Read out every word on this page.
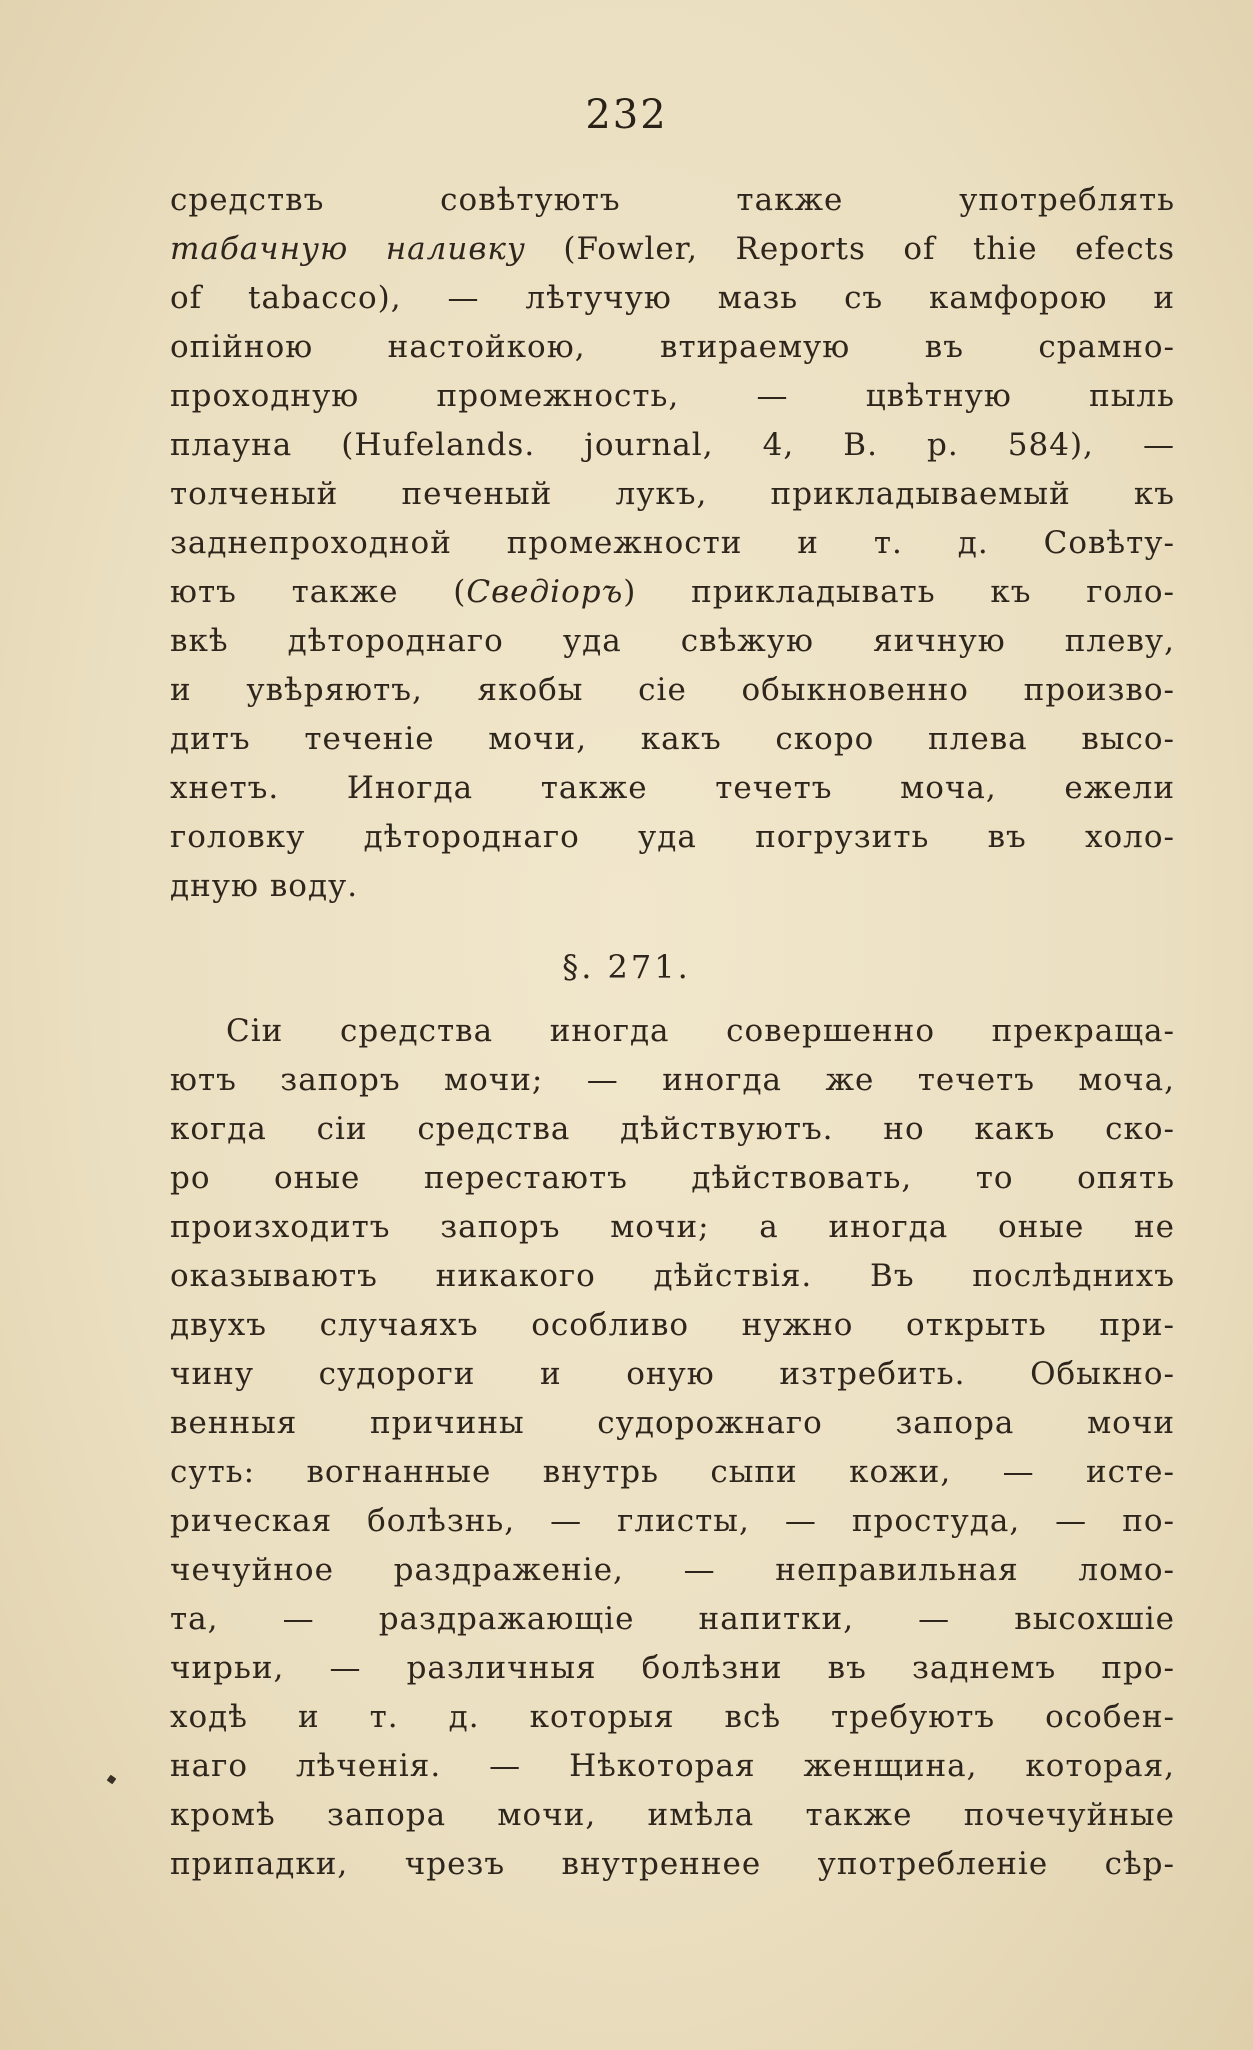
232
средствъ совѣтуютъ также употреблять
табачную наливку (Fowler, Reports of thie efects
of tabacco), — лѣтучую мазь съ камфорою и
опійною настойкою, втираемую въ срамно-
проходную промежность, — цвѣтную пыль
плауна (Hufelands. journal, 4, B. p. 584), —
толченый печеный лукъ, прикладываемый къ
заднепроходной промежности и т. д. Совѣту-
ютъ также (Сведіоръ) прикладывать къ голо-
вкѣ дѣтороднаго уда свѣжую яичную плеву,
и увѣряютъ, якобы сіе обыкновенно произво-
дитъ теченіе мочи, какъ скоро плева высо-
хнетъ. Иногда также течетъ моча, ежели
головку дѣтороднаго уда погрузить въ холо-
дную воду.
§. 271.
Сіи средства иногда совершенно прекраща-
ютъ запоръ мочи; — иногда же течетъ моча,
когда сіи средства дѣйствуютъ. но какъ ско-
ро оные перестаютъ дѣйствовать, то опять
произходитъ запоръ мочи; а иногда оные не
оказываютъ никакого дѣйствія. Въ послѣднихъ
двухъ случаяхъ особливо нужно открыть при-
чину судороги и оную изтребить. Обыкно-
венныя причины судорожнаго запора мочи
суть: вогнанные внутрь сыпи кожи, — исте-
рическая болѣзнь, — глисты, — простуда, — по-
чечуйное раздраженіе, — неправильная ломо-
та, — раздражающіе напитки, — высохшіе
чирьи, — различныя болѣзни въ заднемъ про-
ходѣ и т. д. которыя всѣ требуютъ особен-
наго лѣченія. — Нѣкоторая женщина, которая,
кромѣ запора мочи, имѣла также почечуйные
припадки, чрезъ внутреннее употребленіе сѣр-
